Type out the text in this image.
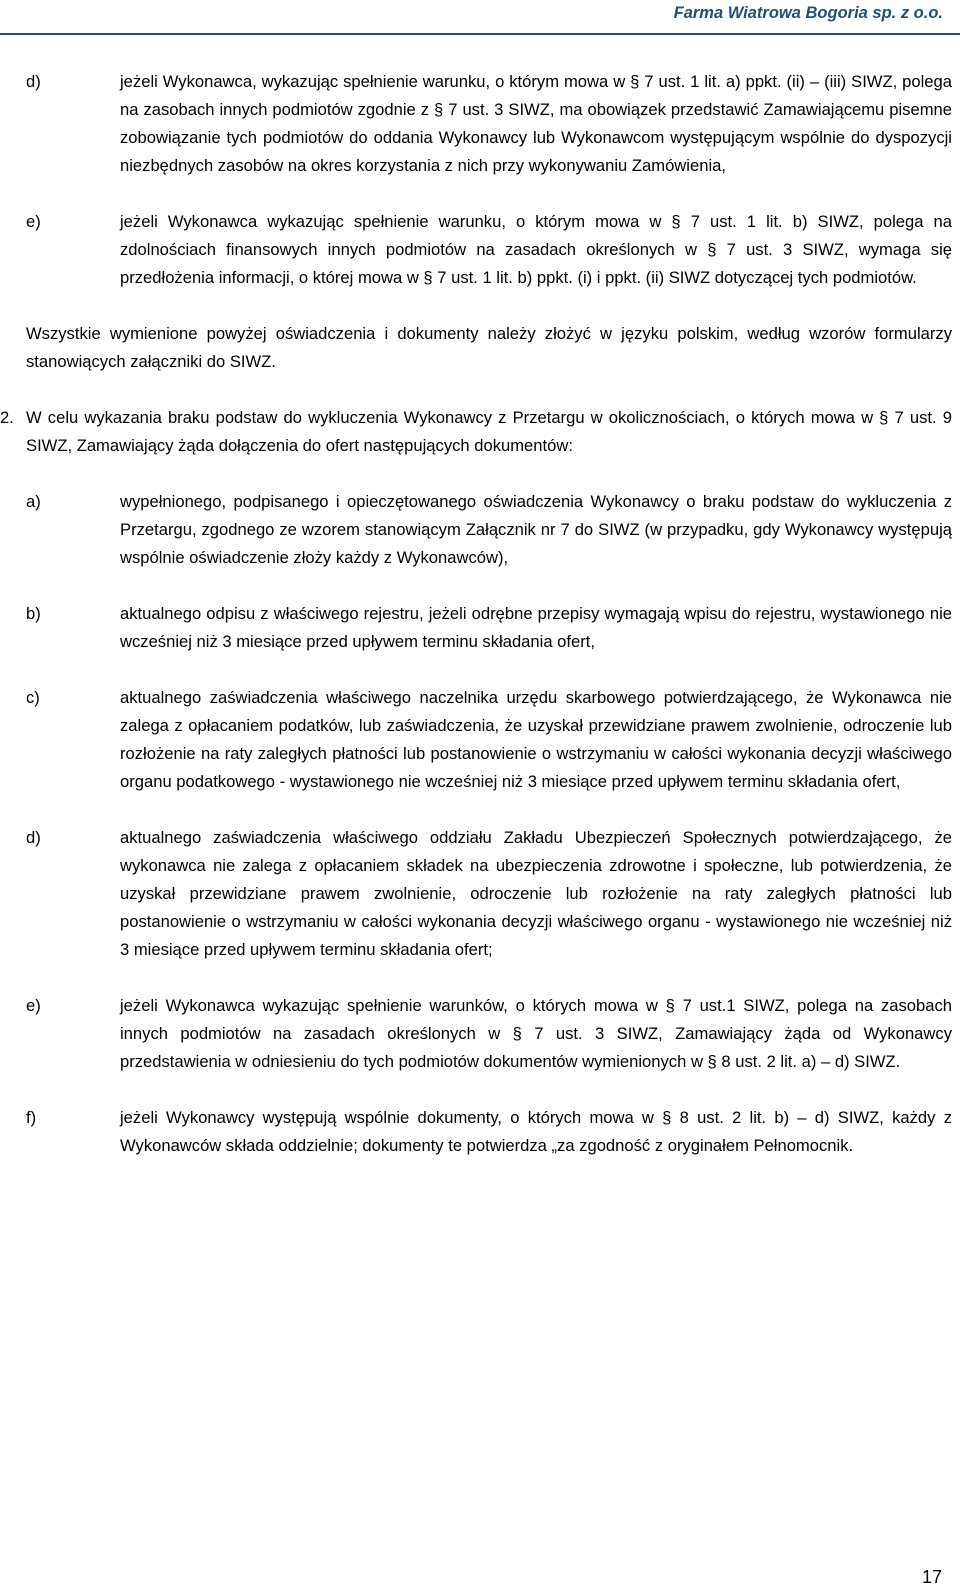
Farma Wiatrowa Bogoria sp. z o.o.
d)	jeżeli Wykonawca, wykazując spełnienie warunku, o którym mowa w § 7 ust. 1 lit. a) ppkt. (ii) – (iii) SIWZ, polega na zasobach innych podmiotów zgodnie z § 7 ust. 3 SIWZ, ma obowiązek przedstawić Zamawiającemu pisemne zobowiązanie tych podmiotów do oddania Wykonawcy lub Wykonawcom występującym wspólnie do dyspozycji niezbędnych zasobów na okres korzystania z nich przy wykonywaniu Zamówienia,
e)	jeżeli Wykonawca wykazując spełnienie warunku, o którym mowa w § 7 ust. 1 lit. b) SIWZ, polega na zdolnościach finansowych innych podmiotów na zasadach określonych w § 7 ust. 3 SIWZ, wymaga się przedłożenia informacji, o której mowa w § 7 ust. 1 lit. b) ppkt. (i) i ppkt. (ii) SIWZ dotyczącej tych podmiotów.

Wszystkie wymienione powyżej oświadczenia i dokumenty należy złożyć w języku polskim, według wzorów formularzy stanowiących załączniki do SIWZ.

2. W celu wykazania braku podstaw do wykluczenia Wykonawcy z Przetargu w okolicznościach, o których mowa w § 7 ust. 9 SIWZ, Zamawiający żąda dołączenia do ofert następujących dokumentów:
a)	wypełnionego, podpisanego i opieczętowanego oświadczenia Wykonawcy o braku podstaw do wykluczenia z Przetargu, zgodnego ze wzorem stanowiącym Załącznik nr 7 do SIWZ (w przypadku, gdy Wykonawcy występują wspólnie oświadczenie złoży każdy z Wykonawców),
b)	aktualnego odpisu z właściwego rejestru, jeżeli odrębne przepisy wymagają wpisu do rejestru, wystawionego nie wcześniej niż 3 miesiące przed upływem terminu składania ofert,
c)	aktualnego zaświadczenia właściwego naczelnika urzędu skarbowego potwierdzającego, że Wykonawca nie zalega z opłacaniem podatków, lub zaświadczenia, że uzyskał przewidziane prawem zwolnienie, odroczenie lub rozłożenie na raty zaległych płatności lub postanowienie o wstrzymaniu w całości wykonania decyzji właściwego organu podatkowego - wystawionego nie wcześniej niż 3 miesiące przed upływem terminu składania ofert,
d)	aktualnego zaświadczenia właściwego oddziału Zakładu Ubezpieczeń Społecznych potwierdzającego, że wykonawca nie zalega z opłacaniem składek na ubezpieczenia zdrowotne i społeczne, lub potwierdzenia, że uzyskał przewidziane prawem zwolnienie, odroczenie lub rozłożenie na raty zaległych płatności lub postanowienie o wstrzymaniu w całości wykonania decyzji właściwego organu - wystawionego nie wcześniej niż 3 miesiące przed upływem terminu składania ofert;
e)	jeżeli Wykonawca wykazując spełnienie warunków, o których mowa w § 7 ust.1 SIWZ, polega na zasobach innych podmiotów na zasadach określonych w § 7 ust. 3 SIWZ, Zamawiający żąda od Wykonawcy przedstawienia w odniesieniu do tych podmiotów dokumentów wymienionych w § 8 ust. 2 lit. a) – d) SIWZ.
f)	jeżeli Wykonawcy występują wspólnie dokumenty, o których mowa w § 8 ust. 2 lit. b) – d) SIWZ, każdy z Wykonawców składa oddzielnie; dokumenty te potwierdza „za zgodność z oryginałem Pełnomocnik.
17
